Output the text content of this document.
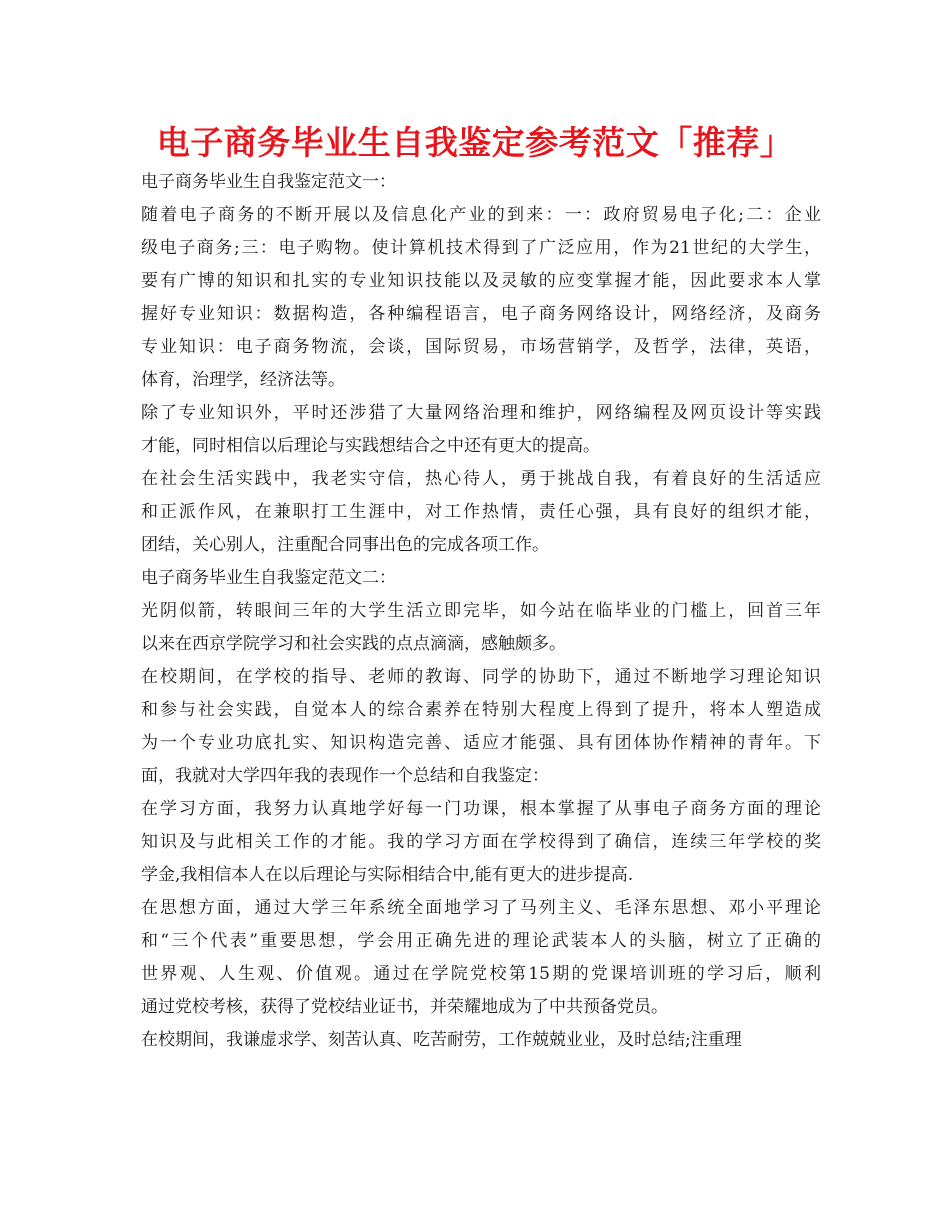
电子商务毕业生自我鉴定参考范文「推荐」
电子商务毕业生自我鉴定范文一：
随着电子商务的不断开展以及信息化产业的到来：一：政府贸易电子化;二：企业
级电子商务;三：电子购物。使计算机技术得到了广泛应用，作为21世纪的大学生，
要有广博的知识和扎实的专业知识技能以及灵敏的应变掌握才能，因此要求本人掌
握好专业知识：数据构造，各种编程语言，电子商务网络设计，网络经济，及商务
专业知识：电子商务物流，会谈，国际贸易，市场营销学，及哲学，法律，英语，
体育，治理学，经济法等。
除了专业知识外，平时还涉猎了大量网络治理和维护，网络编程及网页设计等实践
才能，同时相信以后理论与实践想结合之中还有更大的提高。
在社会生活实践中，我老实守信，热心待人，勇于挑战自我，有着良好的生活适应
和正派作风，在兼职打工生涯中，对工作热情，责任心强，具有良好的组织才能，
团结，关心别人，注重配合同事出色的完成各项工作。
电子商务毕业生自我鉴定范文二：
光阴似箭，转眼间三年的大学生活立即完毕，如今站在临毕业的门槛上，回首三年
以来在西京学院学习和社会实践的点点滴滴，感触颇多。
在校期间，在学校的指导、老师的教诲、同学的协助下，通过不断地学习理论知识
和参与社会实践，自觉本人的综合素养在特别大程度上得到了提升，将本人塑造成
为一个专业功底扎实、知识构造完善、适应才能强、具有团体协作精神的青年。下
面，我就对大学四年我的表现作一个总结和自我鉴定：
在学习方面，我努力认真地学好每一门功课，根本掌握了从事电子商务方面的理论
知识及与此相关工作的才能。我的学习方面在学校得到了确信，连续三年学校的奖
学金,我相信本人在以后理论与实际相结合中,能有更大的进步提高.
在思想方面，通过大学三年系统全面地学习了马列主义、毛泽东思想、邓小平理论
和“三个代表”重要思想，学会用正确先进的理论武装本人的头脑，树立了正确的
世界观、人生观、价值观。通过在学院党校第15期的党课培训班的学习后，顺利
通过党校考核，获得了党校结业证书，并荣耀地成为了中共预备党员。
在校期间，我谦虚求学、刻苦认真、吃苦耐劳，工作兢兢业业，及时总结;注重理
